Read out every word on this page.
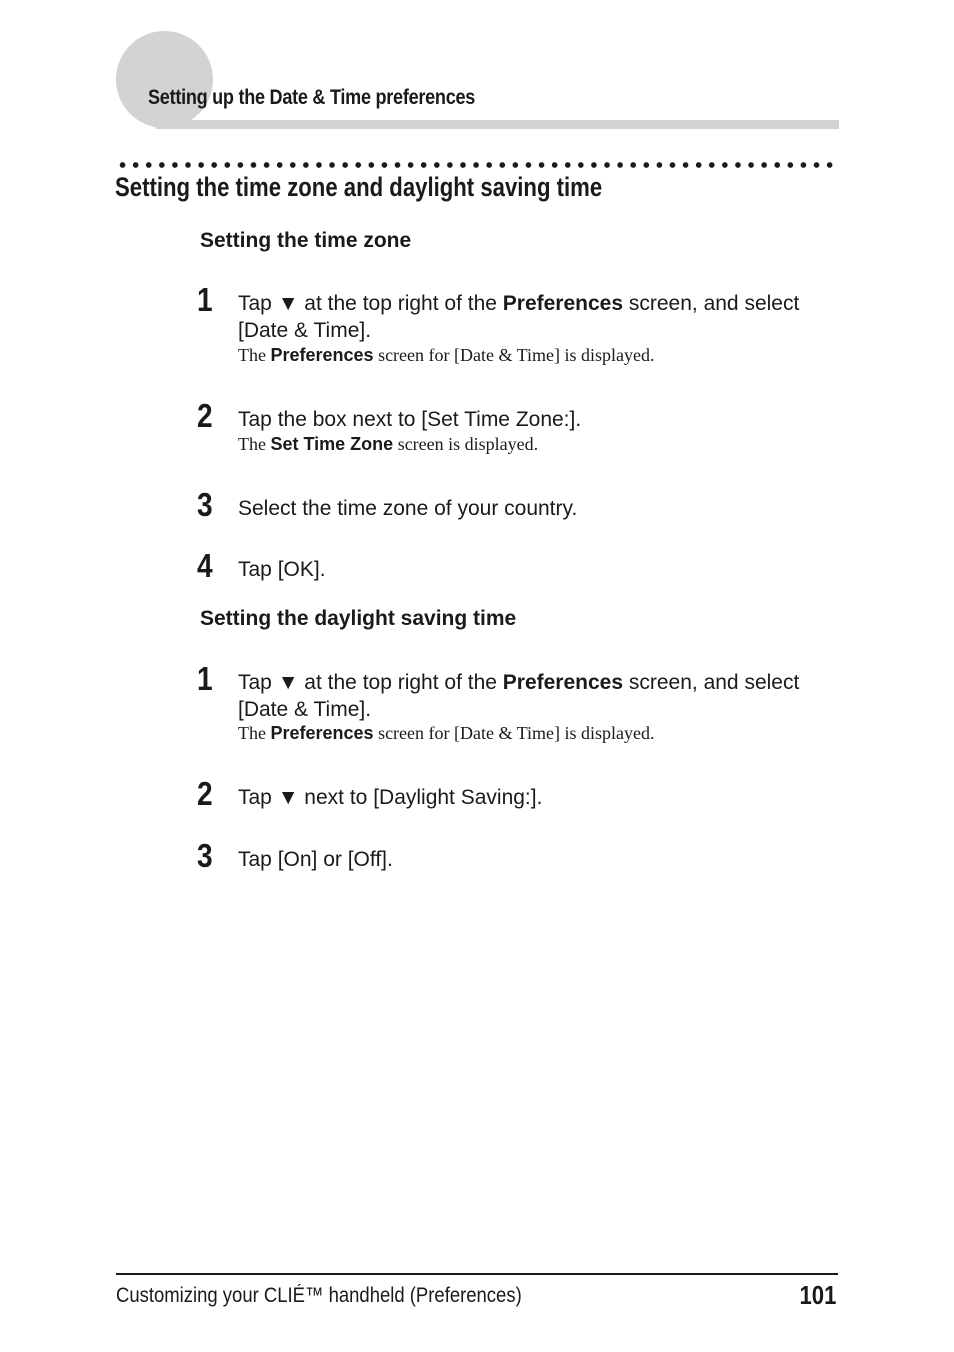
Setting up the Date & Time preferences
Setting the time zone and daylight saving time
Setting the time zone
1 Tap ▼ at the top right of the Preferences screen, and select [Date & Time].
The Preferences screen for [Date & Time] is displayed.
2 Tap the box next to [Set Time Zone:].
The Set Time Zone screen is displayed.
3 Select the time zone of your country.
4 Tap [OK].
Setting the daylight saving time
1 Tap ▼ at the top right of the Preferences screen, and select [Date & Time].
The Preferences screen for [Date & Time] is displayed.
2 Tap ▼ next to [Daylight Saving:].
3 Tap [On] or [Off].
Customizing your CLIÉ™ handheld (Preferences)	101
